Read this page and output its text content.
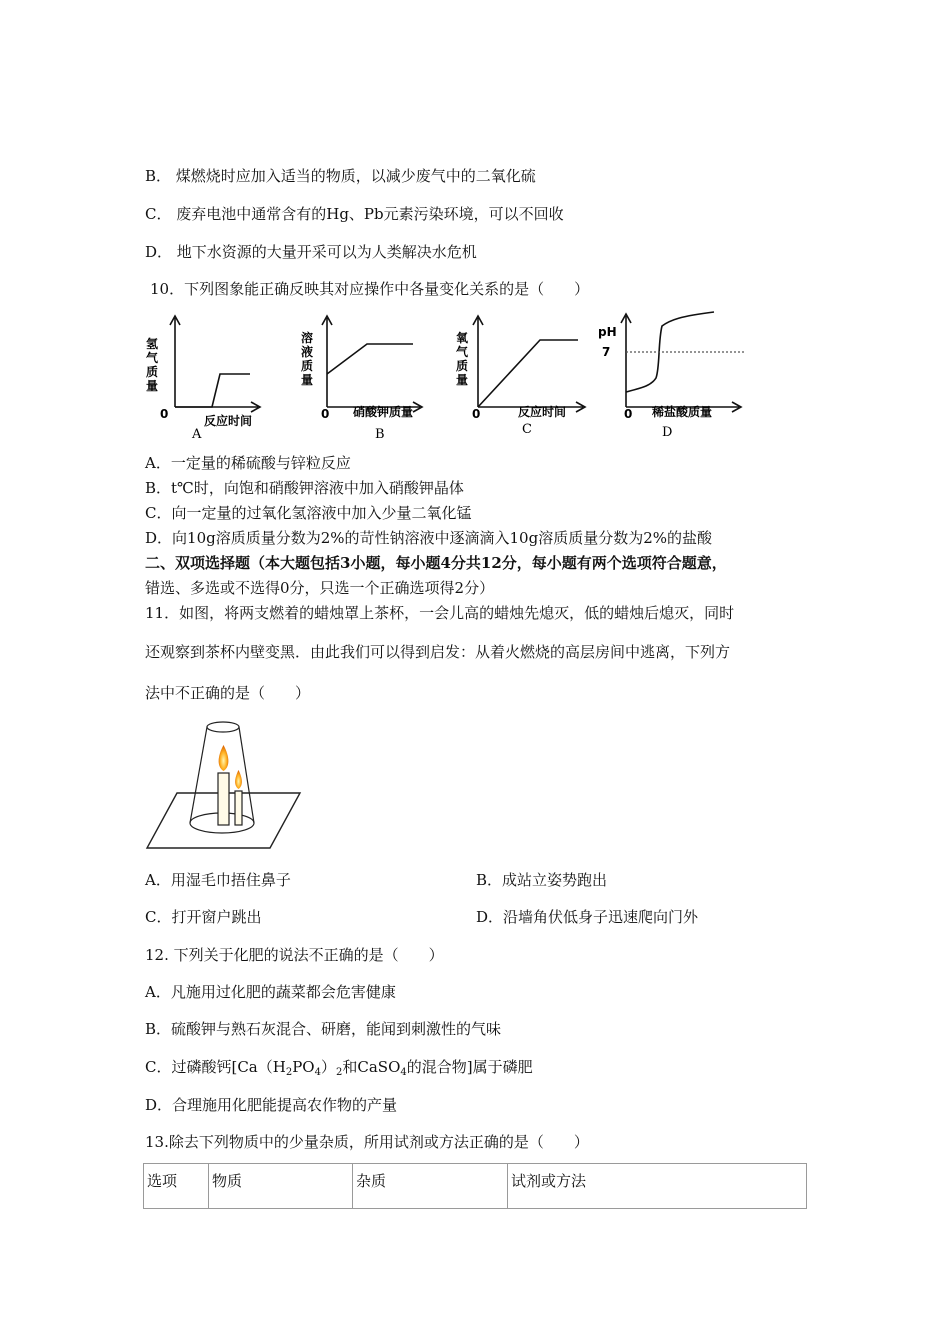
B． 煤燃烧时应加入适当的物质，以减少废气中的二氧化硫
C． 废弃电池中通常含有的Hg、Pb元素污染环境，可以不回收
D． 地下水资源的大量开采可以为人类解决水危机
10．下列图象能正确反映其对应操作中各量变化关系的是（　　）
氢
气
质
量
0	反应时间
A
溶
液
质
量
0 硝酸钾质量
B
氧
气
质
量
0	反应时间
C
pH
7
0 稀盐酸质量
D
A．一定量的稀硫酸与锌粒反应
B．t℃时，向饱和硝酸钾溶液中加入硝酸钾晶体
C．向一定量的过氧化氢溶液中加入少量二氧化锰
D．向10g溶质质量分数为2%的苛性钠溶液中逐滴滴入10g溶质质量分数为2%的盐酸
二、双项选择题（本大题包括3小题，每小题4分共12分，每小题有两个选项符合题意，
错选、多选或不选得0分，只选一个正确选项得2分）
11．如图，将两支燃着的蜡烛罩上茶杯，一会儿高的蜡烛先熄灭，低的蜡烛后熄灭，同时
还观察到茶杯内壁变黑．由此我们可以得到启发：从着火燃烧的高层房间中逃离，下列方
法中不正确的是（　　）
A．用湿毛巾捂住鼻子	B．成站立姿势跑出
C．打开窗户跳出	D．沿墙角伏低身子迅速爬向门外
12. 下列关于化肥的说法不正确的是（　　）
A．凡施用过化肥的蔬菜都会危害健康
B．硫酸钾与熟石灰混合、研磨，能闻到刺激性的气味
C．过磷酸钙[$Ca(H_2PO_4)_2$和CaSO$_4$的混合物]属于磷肥
D．合理施用化肥能提高农作物的产量
13.除去下列物质中的少量杂质，所用试剂或方法正确的是（　　）
选项	物质	杂质	试剂或方法
